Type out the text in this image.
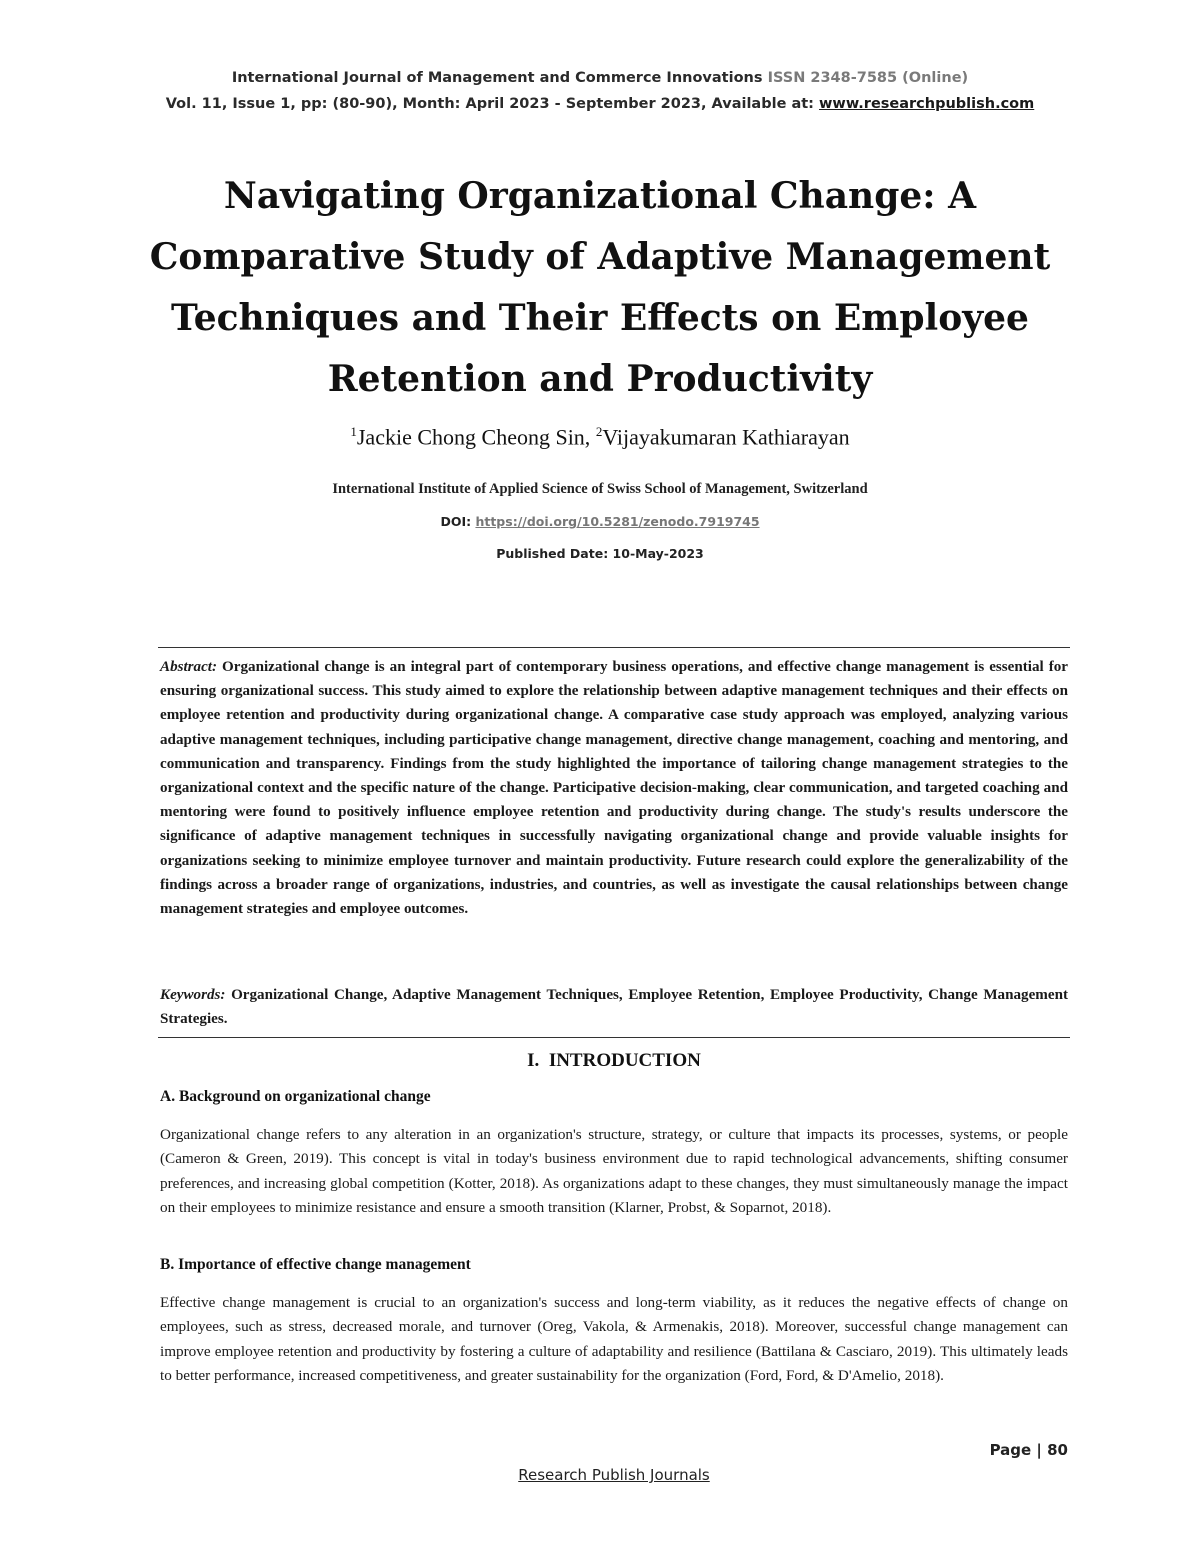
International Journal of Management and Commerce Innovations ISSN 2348-7585 (Online)
Vol. 11, Issue 1, pp: (80-90), Month: April 2023 - September 2023, Available at: www.researchpublish.com
Navigating Organizational Change: A
Comparative Study of Adaptive Management
Techniques and Their Effects on Employee
Retention and Productivity
$^1$Jackie Chong Cheong Sin, $^2$Vijayakumaran Kathiarayan
International Institute of Applied Science of Swiss School of Management, Switzerland
DOI: https://doi.org/10.5281/zenodo.7919745
Published Date: 10-May-2023
Abstract: Organizational change is an integral part of contemporary business operations, and effective change management is essential for ensuring organizational success. This study aimed to explore the relationship between adaptive management techniques and their effects on employee retention and productivity during organizational change. A comparative case study approach was employed, analyzing various adaptive management techniques, including participative change management, directive change management, coaching and mentoring, and communication and transparency. Findings from the study highlighted the importance of tailoring change management strategies to the organizational context and the specific nature of the change. Participative decision-making, clear communication, and targeted coaching and mentoring were found to positively influence employee retention and productivity during change. The study's results underscore the significance of adaptive management techniques in successfully navigating organizational change and provide valuable insights for organizations seeking to minimize employee turnover and maintain productivity. Future research could explore the generalizability of the findings across a broader range of organizations, industries, and countries, as well as investigate the causal relationships between change management strategies and employee outcomes.
Keywords: Organizational Change, Adaptive Management Techniques, Employee Retention, Employee Productivity, Change Management Strategies.
I. INTRODUCTION
A. Background on organizational change
Organizational change refers to any alteration in an organization's structure, strategy, or culture that impacts its processes, systems, or people (Cameron & Green, 2019). This concept is vital in today's business environment due to rapid technological advancements, shifting consumer preferences, and increasing global competition (Kotter, 2018). As organizations adapt to these changes, they must simultaneously manage the impact on their employees to minimize resistance and ensure a smooth transition (Klarner, Probst, & Soparnot, 2018).
B. Importance of effective change management
Effective change management is crucial to an organization's success and long-term viability, as it reduces the negative effects of change on employees, such as stress, decreased morale, and turnover (Oreg, Vakola, & Armenakis, 2018). Moreover, successful change management can improve employee retention and productivity by fostering a culture of adaptability and resilience (Battilana & Casciaro, 2019). This ultimately leads to better performance, increased competitiveness, and greater sustainability for the organization (Ford, Ford, & D'Amelio, 2018).
Page | 80
Research Publish Journals
